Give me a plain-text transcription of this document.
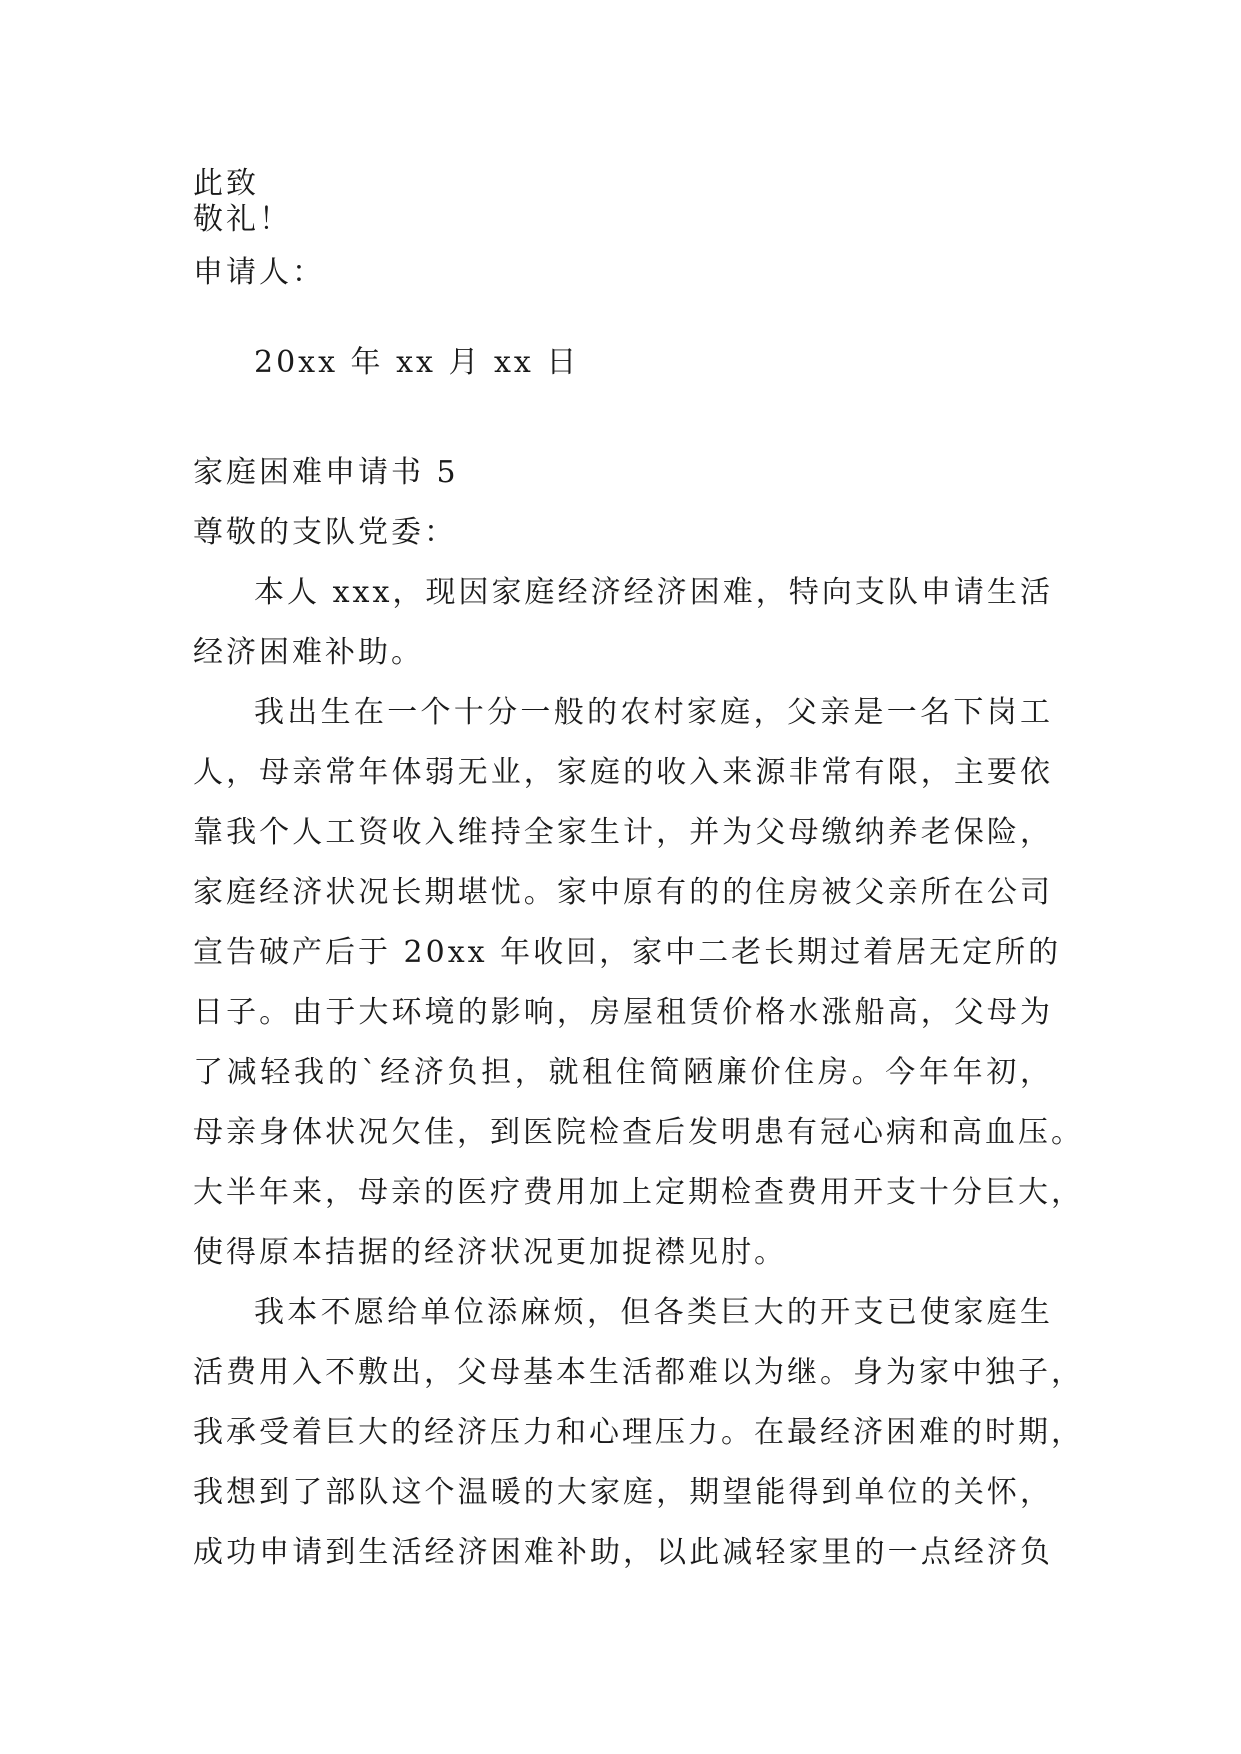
此致
敬礼！
申请人：
20xx 年 xx 月 xx 日
家庭困难申请书 5
尊敬的支队党委：
本人 xxx，现因家庭经济经济困难，特向支队申请生活
经济困难补助。
我出生在一个十分一般的农村家庭，父亲是一名下岗工
人，母亲常年体弱无业，家庭的收入来源非常有限，主要依
靠我个人工资收入维持全家生计，并为父母缴纳养老保险，
家庭经济状况长期堪忧。家中原有的的住房被父亲所在公司
宣告破产后于 20xx 年收回，家中二老长期过着居无定所的
日子。由于大环境的影响，房屋租赁价格水涨船高，父母为
了减轻我的`经济负担，就租住简陋廉价住房。今年年初，
母亲身体状况欠佳，到医院检查后发明患有冠心病和高血压。
大半年来，母亲的医疗费用加上定期检查费用开支十分巨大，
使得原本拮据的经济状况更加捉襟见肘。
我本不愿给单位添麻烦，但各类巨大的开支已使家庭生
活费用入不敷出，父母基本生活都难以为继。身为家中独子，
我承受着巨大的经济压力和心理压力。在最经济困难的时期，
我想到了部队这个温暖的大家庭，期望能得到单位的关怀，
成功申请到生活经济困难补助，以此减轻家里的一点经济负
